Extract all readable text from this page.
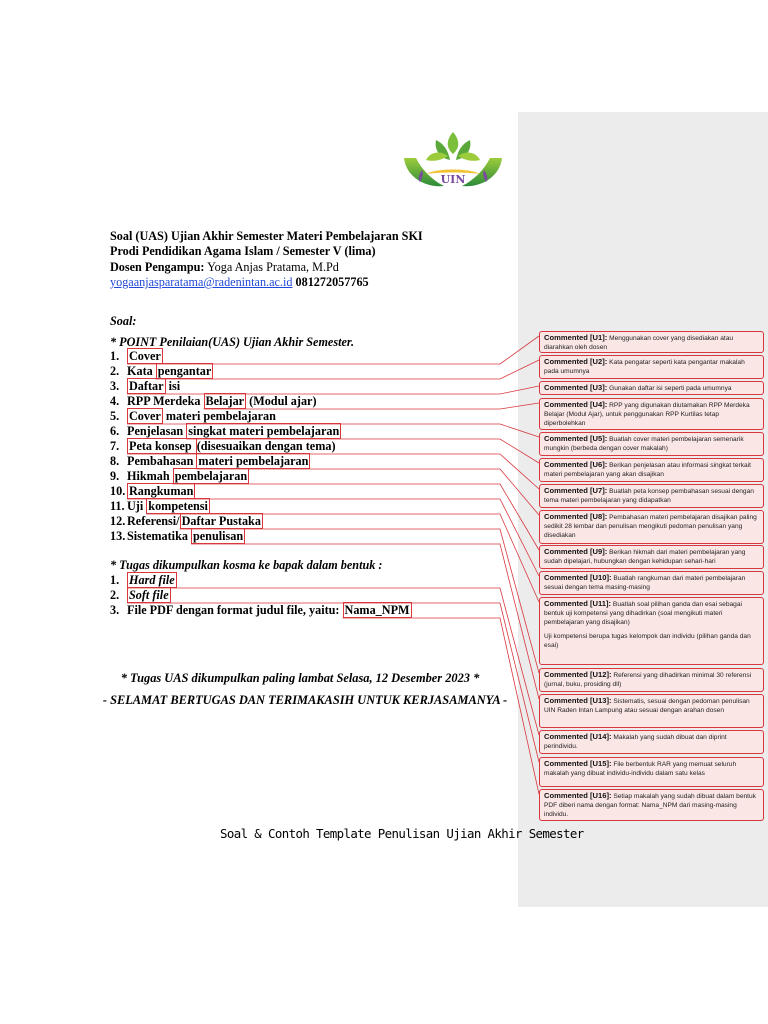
UIN
Soal (UAS) Ujian Akhir Semester Materi Pembelajaran SKI
Prodi Pendidikan Agama Islam / Semester V (lima)
Dosen Pengampu: Yoga Anjas Pratama, M.Pd
yogaanjasparatama@radenintan.ac.id 081272057765
Soal:
* POINT Penilaian(UAS) Ujian Akhir Semester.
1. Cover
2. Kata pengantar
3. Daftar isi
4. RPP Merdeka Belajar (Modul ajar)
5. Cover materi pembelajaran
6. Penjelasan singkat materi pembelajaran
7. Peta konsep (disesuaikan dengan tema)
8. Pembahasan materi pembelajaran
9. Hikmah pembelajaran
10. Rangkuman
11. Uji kompetensi
12. Referensi/ Daftar Pustaka
13. Sistematika penulisan
* Tugas dikumpulkan kosma ke bapak dalam bentuk :
1. Hard file
2. Soft file
3. File PDF dengan format judul file, yaitu: Nama_NPM
* Tugas UAS dikumpulkan paling lambat Selasa, 12 Desember 2023 *
- SELAMAT BERTUGAS DAN TERIMAKASIH UNTUK KERJASAMANYA -
Soal & Contoh Template Penulisan Ujian Akhir Semester
Commented [U1]: Menggunakan cover yang disediakan atau diarahkan oleh dosen
Commented [U2]: Kata pengatar seperti kata pengantar makalah pada umumnya
Commented [U3]: Gunakan daftar isi seperti pada umumnya
Commented [U4]: RPP yang digunakan diutamakan RPP Merdeka Belajar (Modul Ajar), untuk penggunakan RPP Kurtilas tetap diperbolehkan
Commented [U5]: Buatlah cover materi pembelajaran semenarik mungkin (berbeda dengan cover makalah)
Commented [U6]: Berikan penjelasan atau informasi singkat terkait materi pembelajaran yang akan disajikan
Commented [U7]: Buatlah peta konsep pembahasan sesuai dengan tema materi pembelajaran yang didapatkan
Commented [U8]: Pembahasan materi pembelajaran disajikan paling sedikit 28 lembar dan penulisan mengikuti pedoman penulisan yang disediakan
Commented [U9]: Berikan hikmah dari materi pembelajaran yang sudah dipelajari, hubungkan dengan kehidupan sehari-hari
Commented [U10]: Buatlah rangkuman dari materi pembelajaran sesuai dengan tema masing-masing
Commented [U11]: Buatlah soal pilihan ganda dan esai sebagai bentuk uji kompetensi yang dihadirkan (soal mengikuti materi pembelajaran yang disajikan)
Uji kompetensi berupa tugas kelompok dan individu (pilihan ganda dan esai)
Commented [U12]: Referensi yang dihadirkan minimal 30 referensi (jurnal, buku, prosiding dll)
Commented [U13]: Sistematis, sesuai dengan pedoman penulisan UIN Raden Intan Lampung atau sesuai dengan arahan dosen
Commented [U14]: Makalah yang sudah dibuat dan diprint perindividu.
Commented [U15]: File berbentuk RAR yang memuat seluruh makalah yang dibuat individu-individu dalam satu kelas
Commented [U16]: Setiap makalah yang sudah dibuat dalam bentuk PDF diberi nama dengan format: Nama_NPM dari masing-masing individu.
